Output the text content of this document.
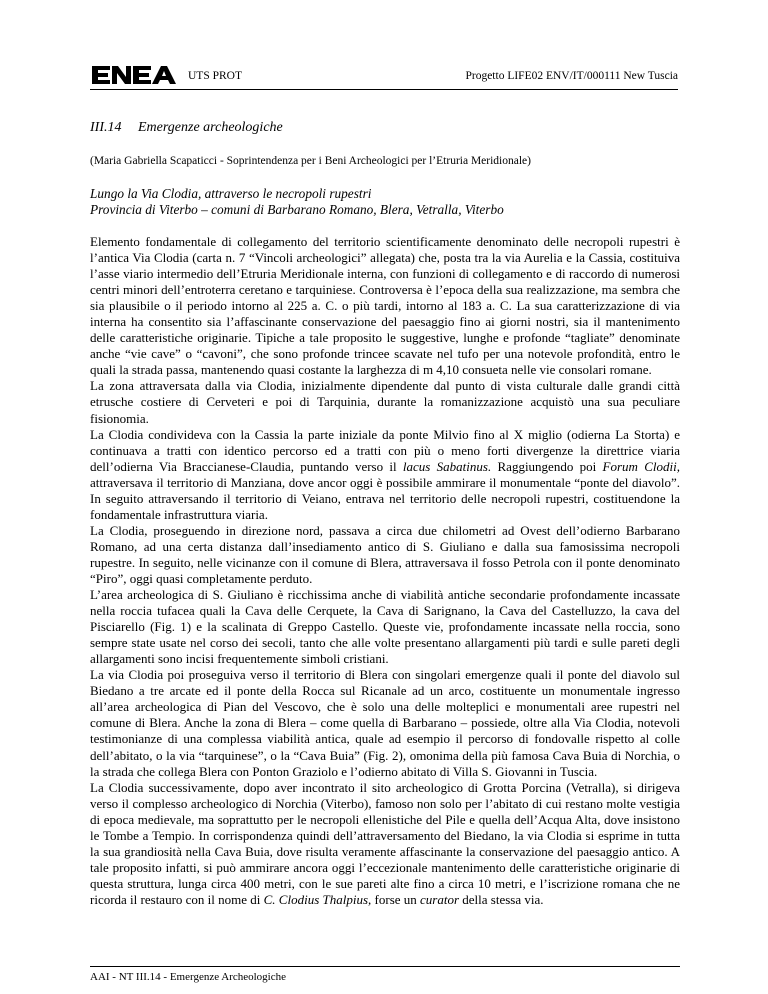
UTS PROT	Progetto LIFE02 ENV/IT/000111 New Tuscia
III.14 Emergenze archeologiche
(Maria Gabriella Scapaticci - Soprintendenza per i Beni Archeologici per l’Etruria Meridionale)
Lungo la Via Clodia, attraverso le necropoli rupestri
Provincia di Viterbo – comuni di Barbarano Romano, Blera, Vetralla, Viterbo

Elemento fondamentale di collegamento del territorio scientificamente denominato delle necropoli rupestri è l’antica Via Clodia (carta n. 7 “Vincoli archeologici” allegata) che, posta tra la via Aurelia e la Cassia, costituiva l’asse viario intermedio dell’Etruria Meridionale interna, con funzioni di collegamento e di raccordo di numerosi centri minori dell’entroterra ceretano e tarquiniese. Controversa è l’epoca della sua realizzazione, ma sembra che sia plausibile o il periodo intorno al 225 a. C. o più tardi, intorno al 183 a. C. La sua caratterizzazione di via interna ha consentito sia l’affascinante conservazione del paesaggio fino ai giorni nostri, sia il mantenimento delle caratteristiche originarie. Tipiche a tale proposito le suggestive, lunghe e profonde “tagliate” denominate anche “vie cave” o “cavoni”, che sono profonde trincee scavate nel tufo per una notevole profondità, entro le quali la strada passa, mantenendo quasi costante la larghezza di m 4,10 consueta nelle vie consolari romane.

La zona attraversata dalla via Clodia, inizialmente dipendente dal punto di vista culturale dalle grandi città etrusche costiere di Cerveteri e poi di Tarquinia, durante la romanizzazione acquistò una sua peculiare fisionomia.

La Clodia condivideva con la Cassia la parte iniziale da ponte Milvio fino al X miglio (odierna La Storta) e continuava a tratti con identico percorso ed a tratti con più o meno forti divergenze la direttrice viaria dell’odierna Via Braccianese-Claudia, puntando verso il lacus Sabatinus. Raggiungendo poi Forum Clodii, attraversava il territorio di Manziana, dove ancor oggi è possibile ammirare il monumentale “ponte del diavolo”. In seguito attraversando il territorio di Veiano, entrava nel territorio delle necropoli rupestri, costituendone la fondamentale infrastruttura viaria.

La Clodia, proseguendo in direzione nord, passava a circa due chilometri ad Ovest dell’odierno Barbarano Romano, ad una certa distanza dall’insediamento antico di S. Giuliano e dalla sua famosissima necropoli rupestre. In seguito, nelle vicinanze con il comune di Blera, attraversava il fosso Petrola con il ponte denominato “Piro”, oggi quasi completamente perduto.

L’area archeologica di S. Giuliano è ricchissima anche di viabilità antiche secondarie profondamente incassate nella roccia tufacea quali la Cava delle Cerquete, la Cava di Sarignano, la Cava del Castelluzzo, la cava del Pisciarello (Fig. 1) e la scalinata di Greppo Castello. Queste vie, profondamente incassate nella roccia, sono sempre state usate nel corso dei secoli, tanto che alle volte presentano allargamenti più tardi e sulle pareti degli allargamenti sono incisi frequentemente simboli cristiani.

La via Clodia poi proseguiva verso il territorio di Blera con singolari emergenze quali il ponte del diavolo sul Biedano a tre arcate ed il ponte della Rocca sul Ricanale ad un arco, costituente un monumentale ingresso all’area archeologica di Pian del Vescovo, che è solo una delle molteplici e monumentali aree rupestri nel comune di Blera. Anche la zona di Blera – come quella di Barbarano – possiede, oltre alla Via Clodia, notevoli testimonianze di una complessa viabilità antica, quale ad esempio il percorso di fondovalle rispetto al colle dell’abitato, o la via “tarquinese”, o la “Cava Buia” (Fig. 2), omonima della più famosa Cava Buia di Norchia, o la strada che collega Blera con Ponton Graziolo e l’odierno abitato di Villa S. Giovanni in Tuscia.

La Clodia successivamente, dopo aver incontrato il sito archeologico di Grotta Porcina (Vetralla), si dirigeva verso il complesso archeologico di Norchia (Viterbo), famoso non solo per l’abitato di cui restano molte vestigia di epoca medievale, ma soprattutto per le necropoli ellenistiche del Pile e quella dell’Acqua Alta, dove insistono le Tombe a Tempio. In corrispondenza quindi dell’attraversamento del Biedano, la via Clodia si esprime in tutta la sua grandiosità nella Cava Buia, dove risulta veramente affascinante la conservazione del paesaggio antico. A tale proposito infatti, si può ammirare ancora oggi l’eccezionale mantenimento delle caratteristiche originarie di questa struttura, lunga circa 400 metri, con le sue pareti alte fino a circa 10 metri, e l’iscrizione romana che ne ricorda il restauro con il nome di C. Clodius Thalpius, forse un curator della stessa via.

AAI - NT III.14 - Emergenze Archeologiche
